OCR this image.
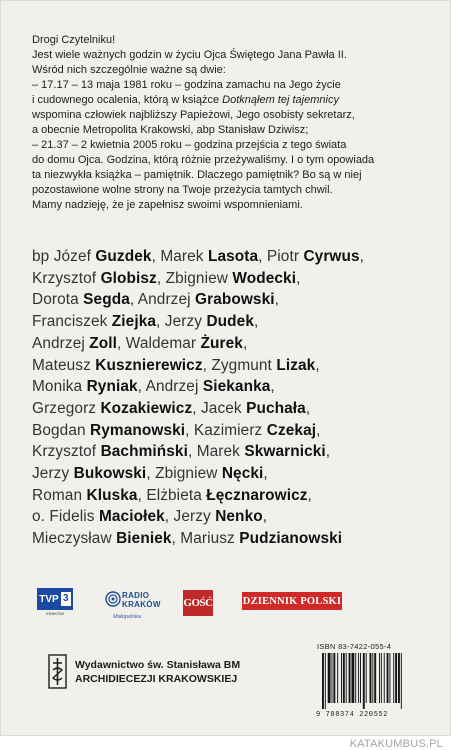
Drogi Czytelniku!

Jest wiele ważnych godzin w życiu Ojca Świętego Jana Pawła II.

Wśród nich szczególnie ważne są dwie:

– 17.17 – 13 maja 1981 roku – godzina zamachu na Jego życie

i cudownego ocalenia, którą w książce Dotknąłem tej tajemnicy

wspomina człowiek najbliższy Papieżowi, Jego osobisty sekretarz,

a obecnie Metropolita Krakowski, abp Stanisław Dziwisz;

– 21.37 – 2 kwietnia 2005 roku – godzina przejścia z tego świata

do domu Ojca. Godzina, którą różnie przeżywaliśmy. I o tym opowiada

ta niezwykła książka – pamiętnik. Dlaczego pamiętnik? Bo są w niej

pozostawione wolne strony na Twoje przeżycia tamtych chwil.

Mamy nadzieję, że je zapełnisz swoimi wspomnieniami.

bp Józef Guzdek, Marek Lasota, Piotr Cyrwus,

Krzysztof Globisz, Zbigniew Wodecki,

Dorota Segda, Andrzej Grabowski,

Franciszek Ziejka, Jerzy Dudek,

Andrzej Zoll, Waldemar Żurek,

Mateusz Kusznierewicz, Zygmunt Lizak,

Monika Ryniak, Andrzej Siekanka,

Grzegorz Kozakiewicz, Jacek Puchała,

Bogdan Rymanowski, Kazimierz Czekaj,

Krzysztof Bachmiński, Marek Skwarnicki,

Jerzy Bukowski, Zbigniew Nęcki,

Roman Kluska, Elżbieta Łęcznarowicz,

o. Fidelis Maciołek, Jerzy Nenko,

Mieczysław Bieniek, Mariusz Pudzianowski

TVP 3
KRAKÓW
RADIO
KRAKÓW
Małopolska
GOŚĆ	DZIENNIK POLSKI
ISBN 83-7422-055-4
9 788374 220552

Wydawnictwo św. Stanisława BM

ARCHIDIECEZJI KRAKOWSKIEJ

KATAKUMBUS.PL
